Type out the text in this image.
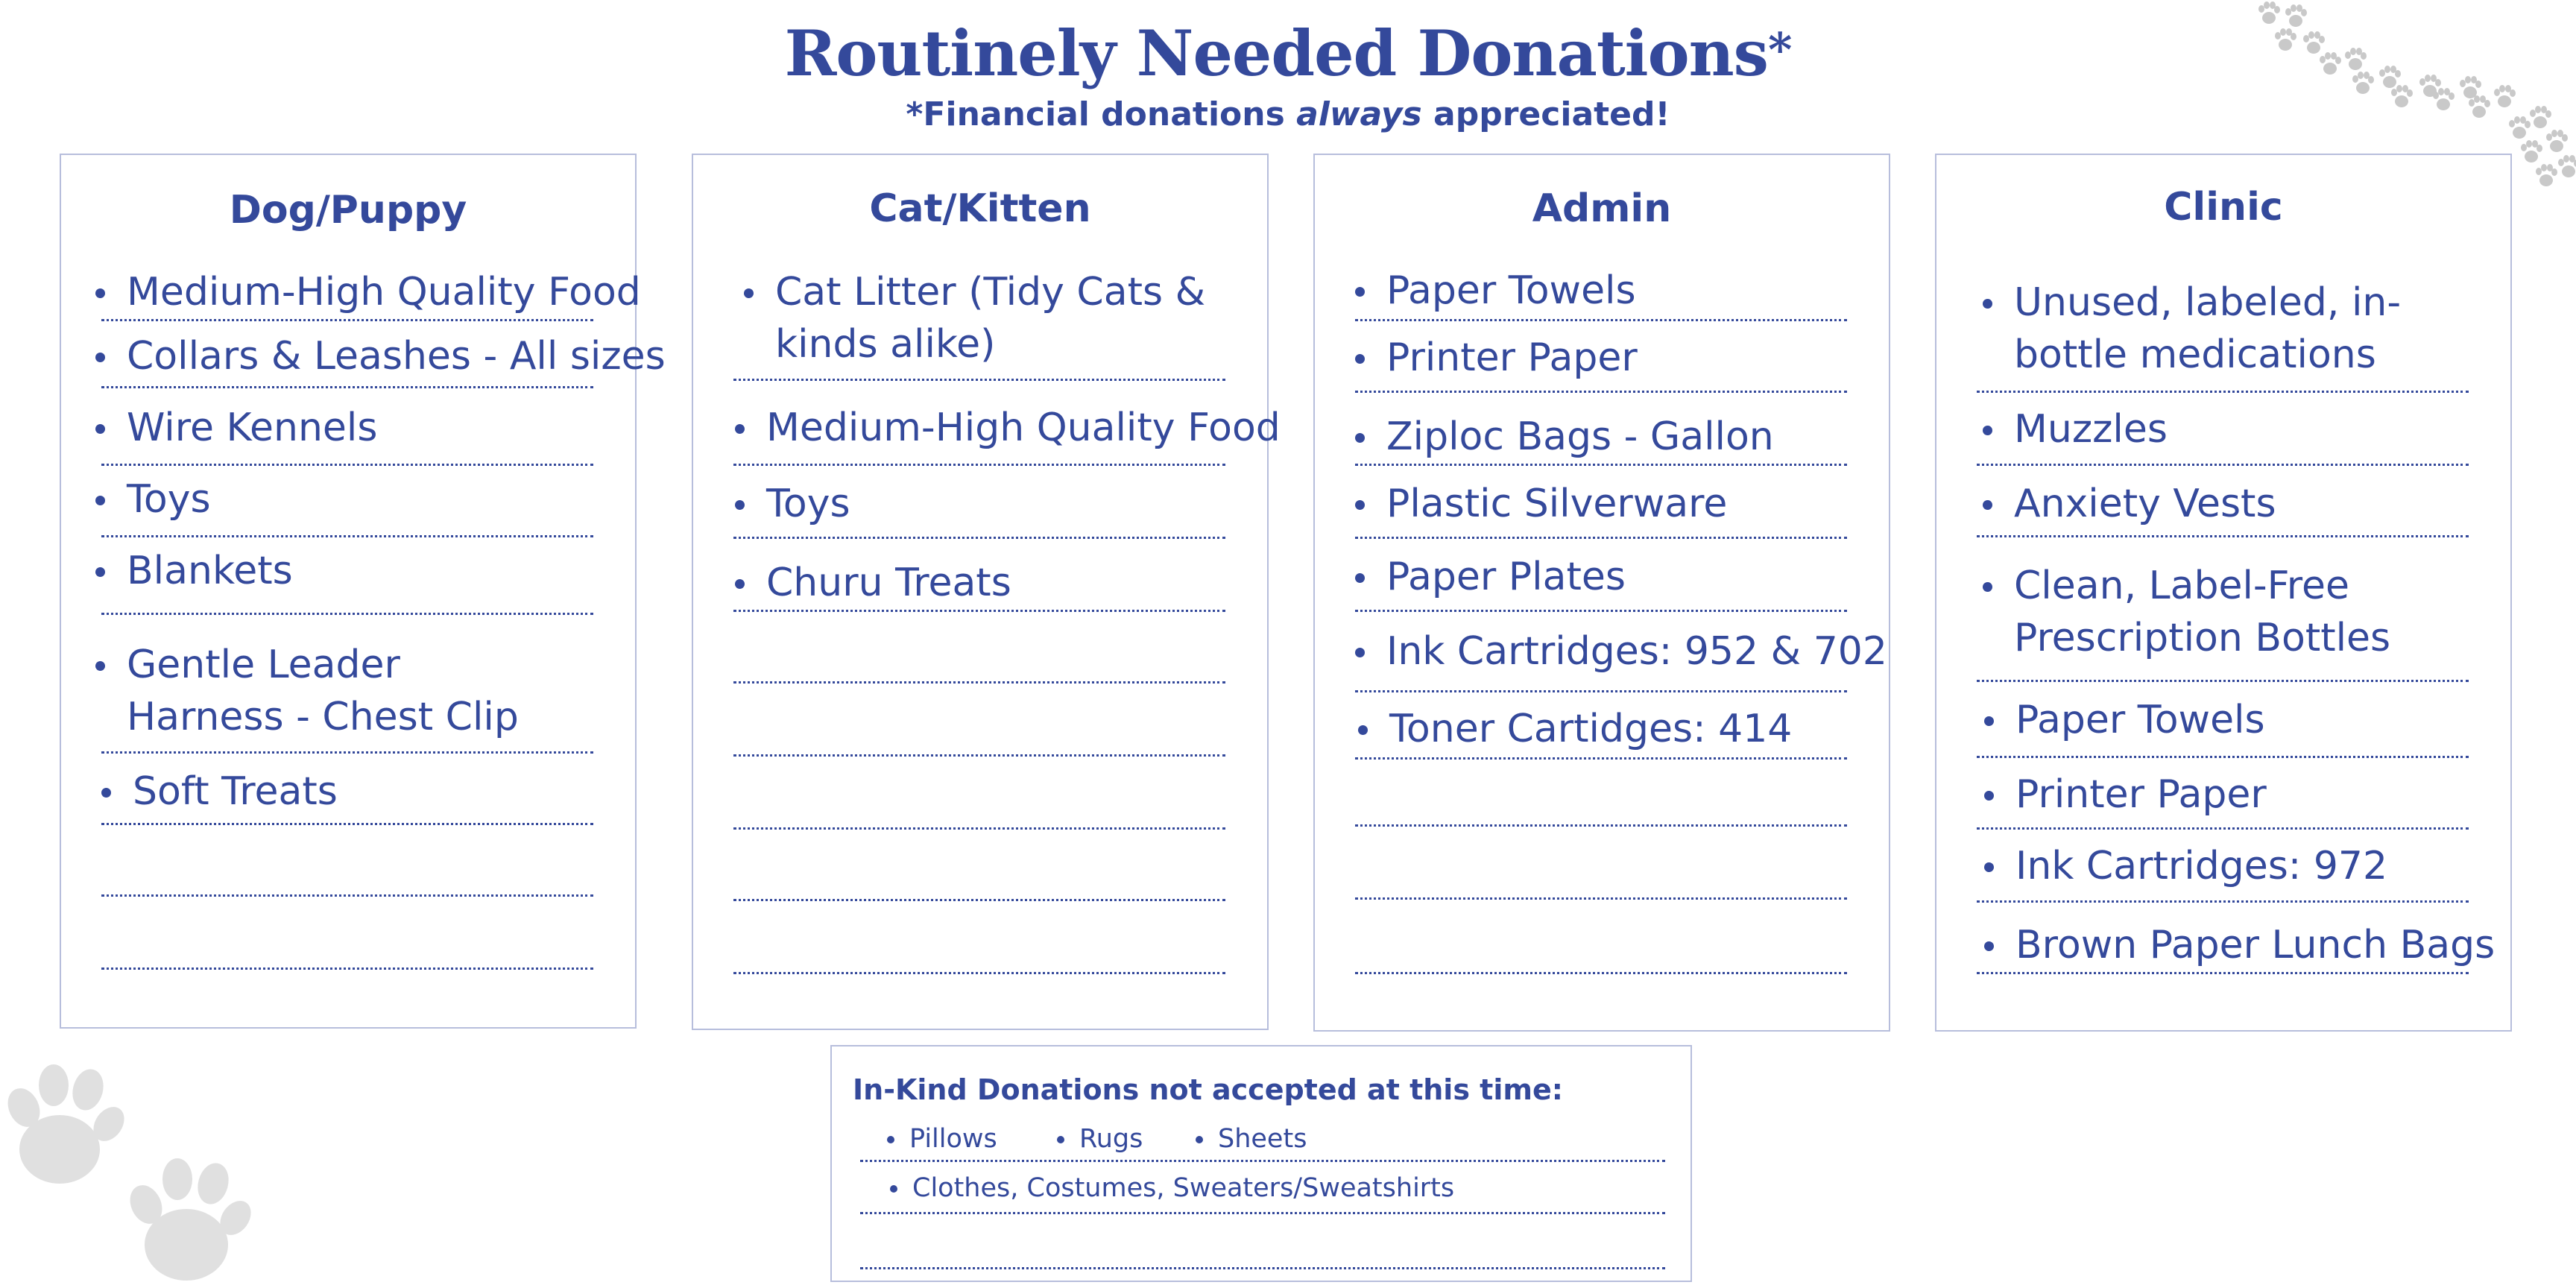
Routinely Needed Donations*
*Financial donations always appreciated!
Dog/Puppy
Medium-High Quality Food
Collars & Leashes - All sizes
Wire Kennels
Toys
Blankets
Gentle Leader
Harness - Chest Clip
Soft Treats
Cat/Kitten
Cat Litter (Tidy Cats &
kinds alike)
Medium-High Quality Food
Toys
Churu Treats
Admin
Paper Towels
Printer Paper
Ziploc Bags - Gallon
Plastic Silverware
Paper Plates
Ink Cartridges: 952 & 702
Toner Cartidges: 414
Clinic
Unused, labeled, in-
bottle medications
Muzzles
Anxiety Vests
Clean, Label-Free
Prescription Bottles
Paper Towels
Printer Paper
Ink Cartridges: 972
Brown Paper Lunch Bags
In-Kind Donations not accepted at this time:
Pillows	Rugs	Sheets
Clothes, Costumes, Sweaters/Sweatshirts
